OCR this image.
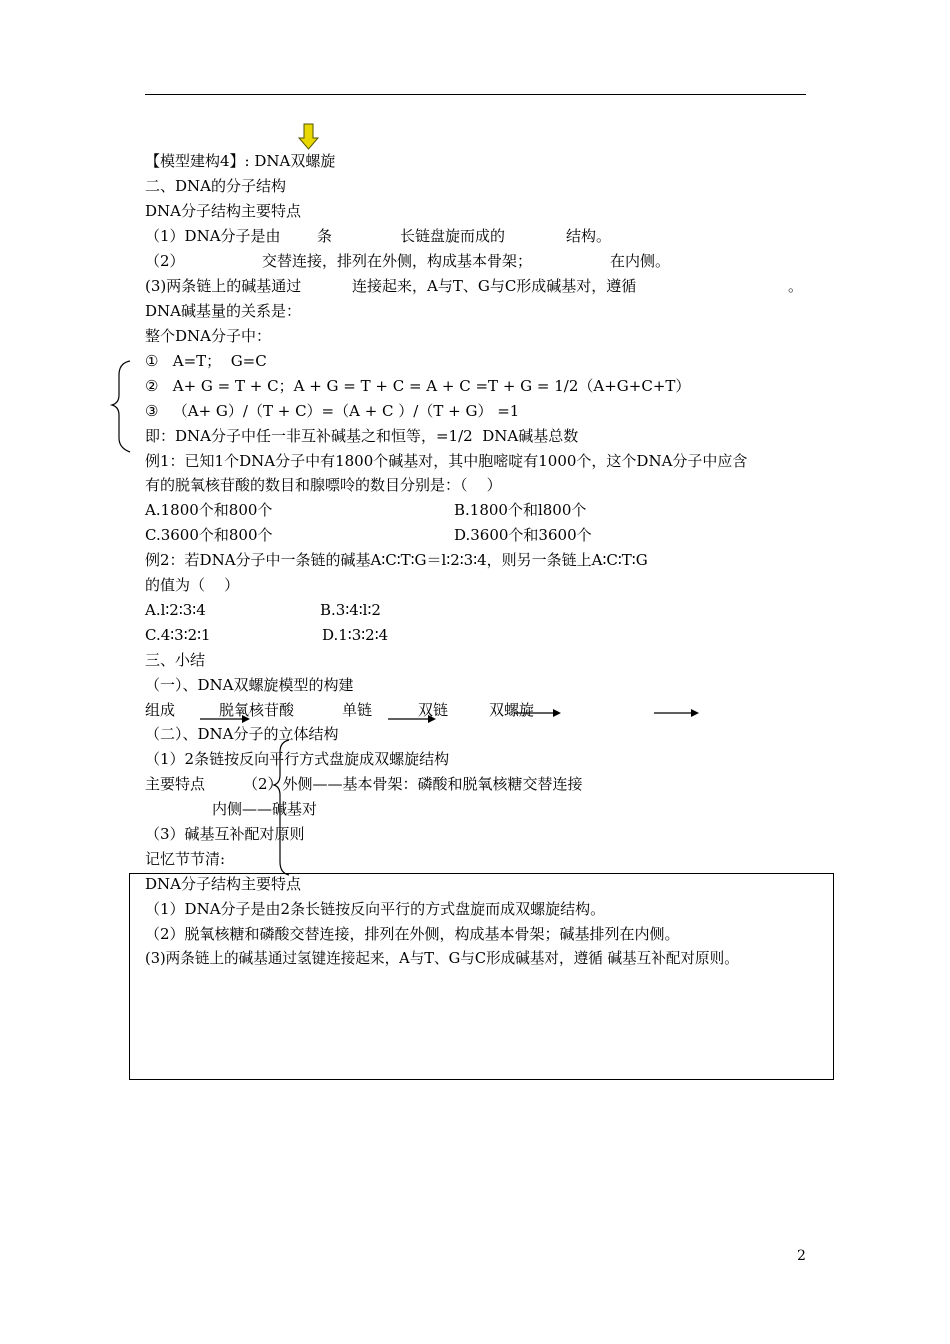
【模型建构4】: DNA双螺旋
二、DNA的分子结构
DNA分子结构主要特点
（1）DNA分子是由 条	长链盘旋而成的	结构。
（2）	交替连接，排列在外侧，构成基本骨架；	在内侧。
(3)两条链上的碱基通过	连接起来，A与T、G与C形成碱基对，遵循	。
DNA碱基量的关系是：
整个DNA分子中：
①   A=T；  G=C
②   A+ G = T + C；A + G = T + C = A + C =T + G = 1/2（A+G+C+T）
③   （A+ G）/（T + C）=（A + C ）/（T + G） =1
即：DNA分子中任一非互补碱基之和恒等，=1/2  DNA碱基总数
例1：已知1个DNA分子中有1800个碱基对，其中胞嘧啶有1000个，这个DNA分子中应含
有的脱氧核苷酸的数目和腺嘌呤的数目分别是：（    ）
A.1800个和800个	B.1800个和l800个
C.3600个和800个	D.3600个和3600个
例2：若DNA分子中一条链的碱基A∶C∶T∶G＝l∶2∶3∶4，则另一条链上A∶C∶T∶G
的值为（    ）
A.l∶2∶3∶4	B.3∶4∶l∶2
C.4∶3∶2∶1	D.1∶3∶2∶4
三、小结
（一）、DNA双螺旋模型的构建
组成	脱氧核苷酸	单链	双链	双螺旋
（二）、DNA分子的立体结构
（1）2条链按反向平行方式盘旋成双螺旋结构
主要特点	（2）外侧——基本骨架：磷酸和脱氧核糖交替连接
内侧——碱基对
（3）碱基互补配对原则
记忆节节清:
DNA分子结构主要特点
（1）DNA分子是由2条长链按反向平行的方式盘旋而成双螺旋结构。
（2）脱氧核糖和磷酸交替连接，排列在外侧，构成基本骨架；碱基排列在内侧。
(3)两条链上的碱基通过氢键连接起来，A与T、G与C形成碱基对，遵循 碱基互补配对原则。
2
